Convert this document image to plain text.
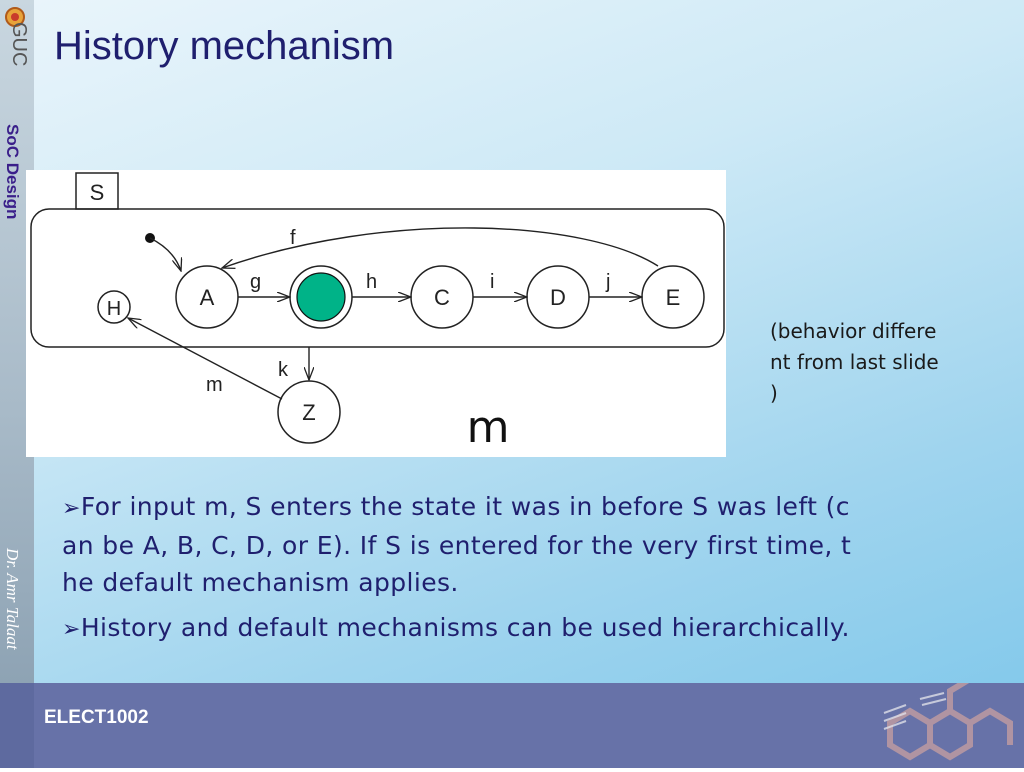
GUC
SoC Design
Dr. Amr Talaat
History mechanism
S
f
A	C	D	E
H
Z
g	h	i	j
k
m
m
(behavior differe
nt from last slide
)
➢For input m, S enters the state it was in before S was left (c
an be A, B, C, D, or E). If S is entered for the very first time, t
he default mechanism applies.
➢History and default mechanisms can be used hierarchically.
ELECT1002
